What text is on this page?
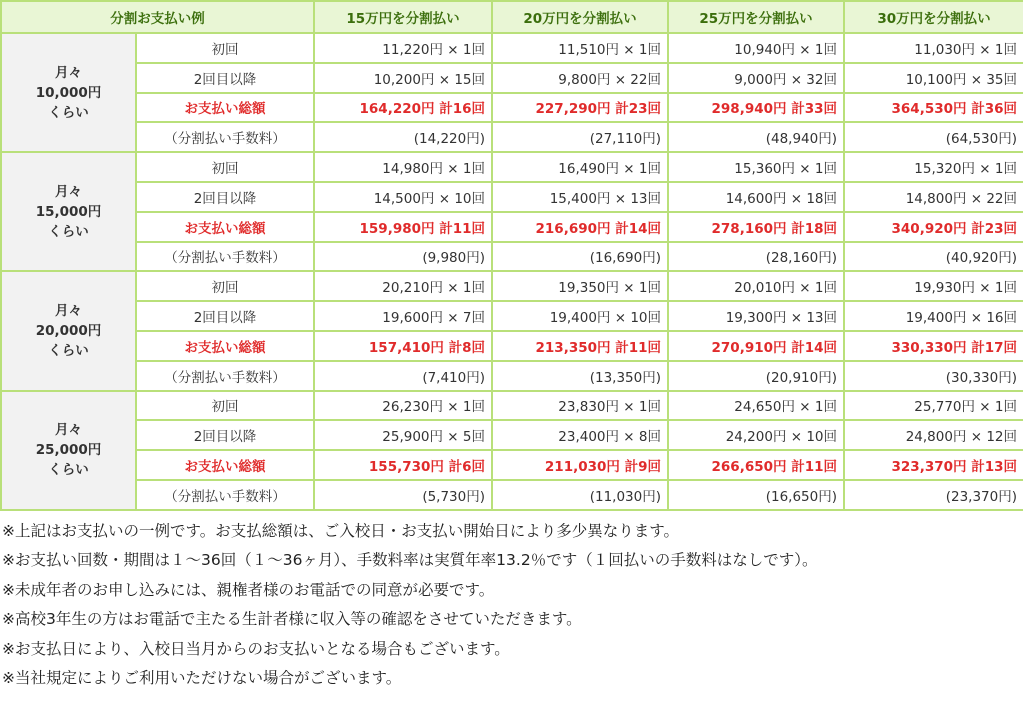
分割お支払い例		15万円を分割払い	20万円を分割払い	25万円を分割払い	30万円を分割払い

月々
10,000円
くらい	初回	11,220円 × 1回	11,510円 × 1回	10,940円 × 1回	11,030円 × 1回
	2回目以降	10,200円 × 15回	9,800円 × 22回	9,000円 × 32回	10,100円 × 35回
	お支払い総額	164,220円 計16回	227,290円 計23回	298,940円 計33回	364,530円 計36回
	（分割払い手数料）	(14,220円)	(27,110円)	(48,940円)	(64,530円)

月々
15,000円
くらい	初回	14,980円 × 1回	16,490円 × 1回	15,360円 × 1回	15,320円 × 1回
	2回目以降	14,500円 × 10回	15,400円 × 13回	14,600円 × 18回	14,800円 × 22回
	お支払い総額	159,980円 計11回	216,690円 計14回	278,160円 計18回	340,920円 計23回
	（分割払い手数料）	(9,980円)	(16,690円)	(28,160円)	(40,920円)

月々
20,000円
くらい	初回	20,210円 × 1回	19,350円 × 1回	20,010円 × 1回	19,930円 × 1回
	2回目以降	19,600円 × 7回	19,400円 × 10回	19,300円 × 13回	19,400円 × 16回
	お支払い総額	157,410円 計8回	213,350円 計11回	270,910円 計14回	330,330円 計17回
	（分割払い手数料）	(7,410円)	(13,350円)	(20,910円)	(30,330円)

月々
25,000円
くらい	初回	26,230円 × 1回	23,830円 × 1回	24,650円 × 1回	25,770円 × 1回
	2回目以降	25,900円 × 5回	23,400円 × 8回	24,200円 × 10回	24,800円 × 12回
	お支払い総額	155,730円 計6回	211,030円 計9回	266,650円 計11回	323,370円 計13回
	（分割払い手数料）	(5,730円)	(11,030円)	(16,650円)	(23,370円)
※上記はお支払いの一例です。お支払総額は、ご入校日・お支払い開始日により多少異なります。
※お支払い回数・期間は１～36回（１～36ヶ月）、手数料率は実質年率13.2％です（１回払いの手数料はなしです）。
※未成年者のお申し込みには、親権者様のお電話での同意が必要です。
※高校3年生の方はお電話で主たる生計者様に収入等の確認をさせていただきます。
※お支払日により、入校日当月からのお支払いとなる場合もございます。
※当社規定によりご利用いただけない場合がございます。
